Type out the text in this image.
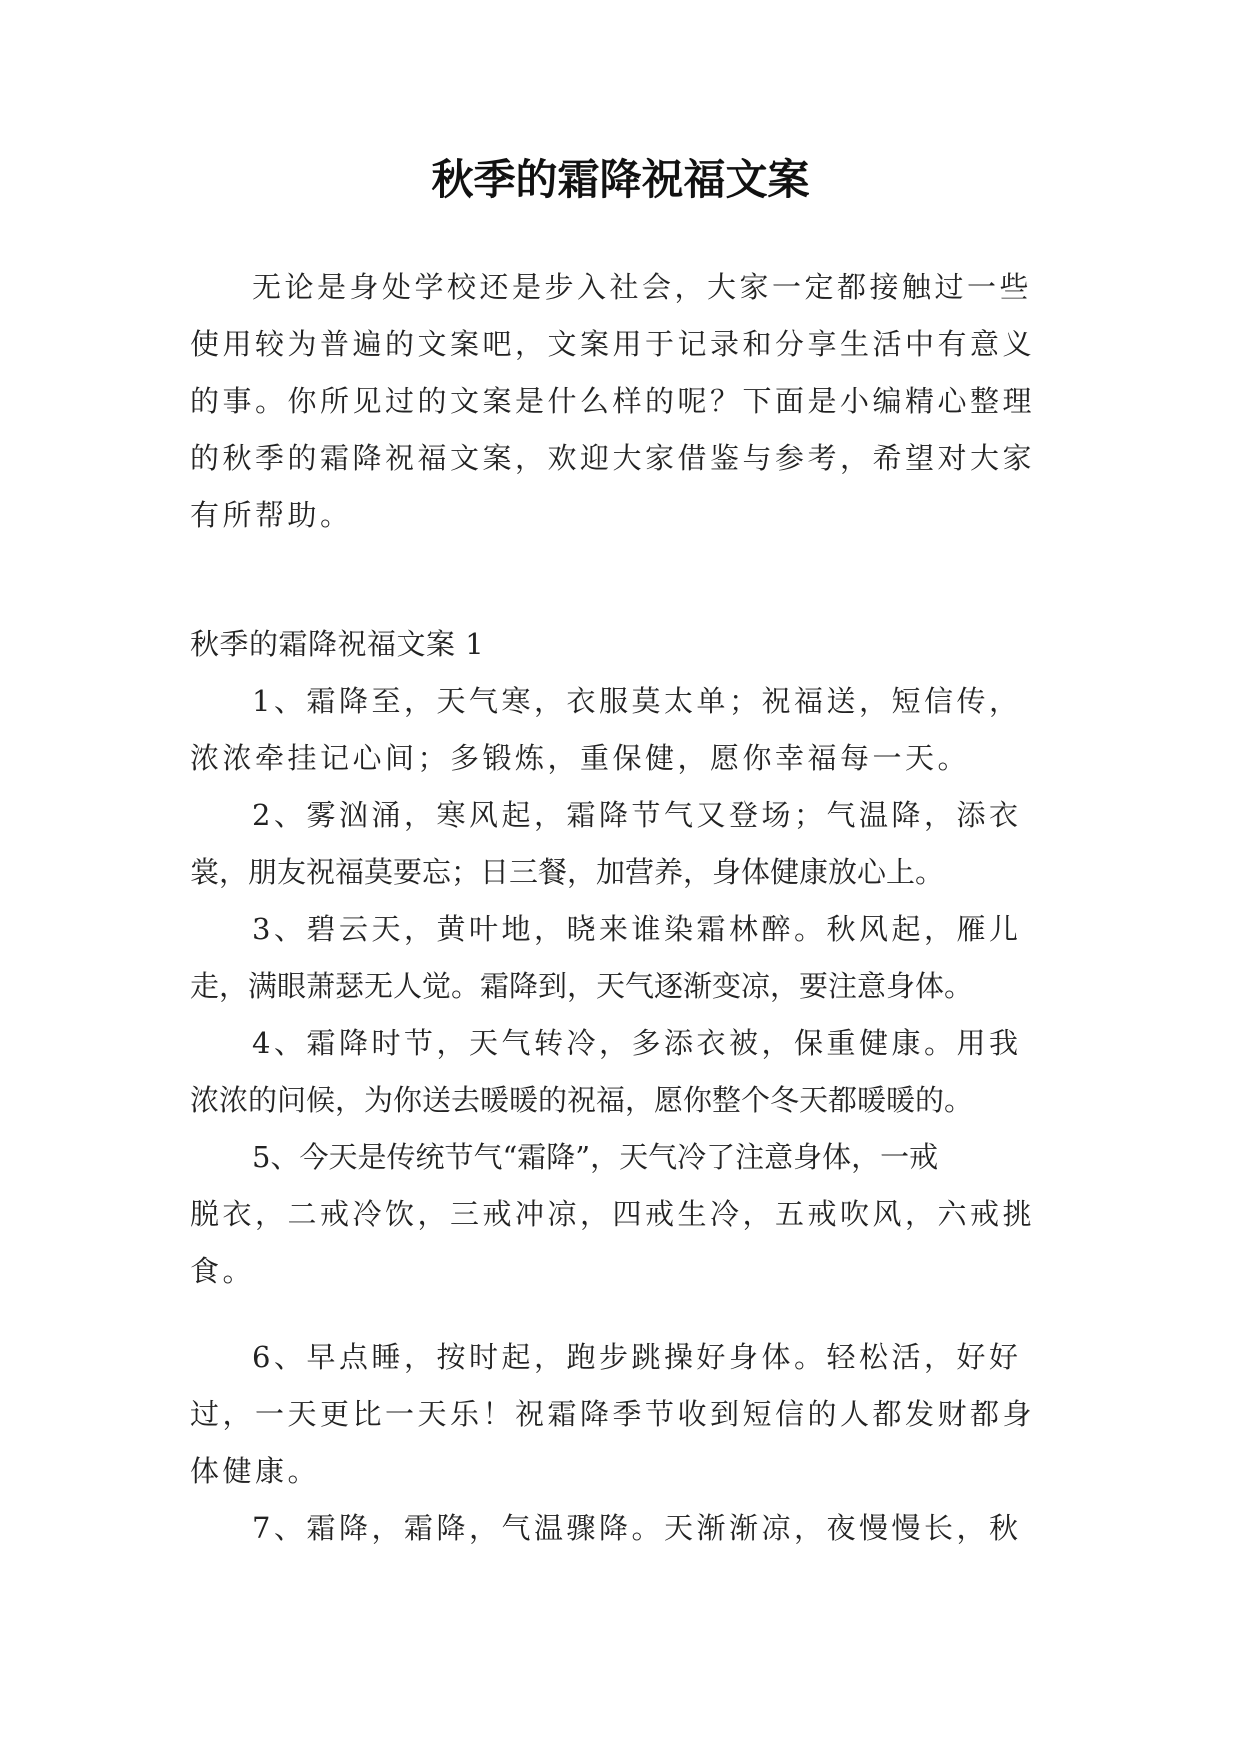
秋季的霜降祝福文案
无论是身处学校还是步入社会，大家一定都接触过一些
使用较为普遍的文案吧，文案用于记录和分享生活中有意义
的事。你所见过的文案是什么样的呢？下面是小编精心整理
的秋季的霜降祝福文案，欢迎大家借鉴与参考，希望对大家
有所帮助。
秋季的霜降祝福文案 1
1、霜降至，天气寒，衣服莫太单；祝福送，短信传，
浓浓牵挂记心间；多锻炼，重保健，愿你幸福每一天。
2、雾汹涌，寒风起，霜降节气又登场；气温降，添衣
裳，朋友祝福莫要忘；日三餐，加营养，身体健康放心上。
3、碧云天，黄叶地，晓来谁染霜林醉。秋风起，雁儿
走，满眼萧瑟无人觉。霜降到，天气逐渐变凉，要注意身体。
4、霜降时节，天气转冷，多添衣被，保重健康。用我
浓浓的问候，为你送去暖暖的祝福，愿你整个冬天都暖暖的。
5、今天是传统节气“霜降”，天气冷了注意身体，一戒
脱衣，二戒冷饮，三戒冲凉，四戒生冷，五戒吹风，六戒挑
食。
6、早点睡，按时起，跑步跳操好身体。轻松活，好好
过，一天更比一天乐！祝霜降季节收到短信的人都发财都身
体健康。
7、霜降，霜降，气温骤降。天渐渐凉，夜慢慢长，秋
